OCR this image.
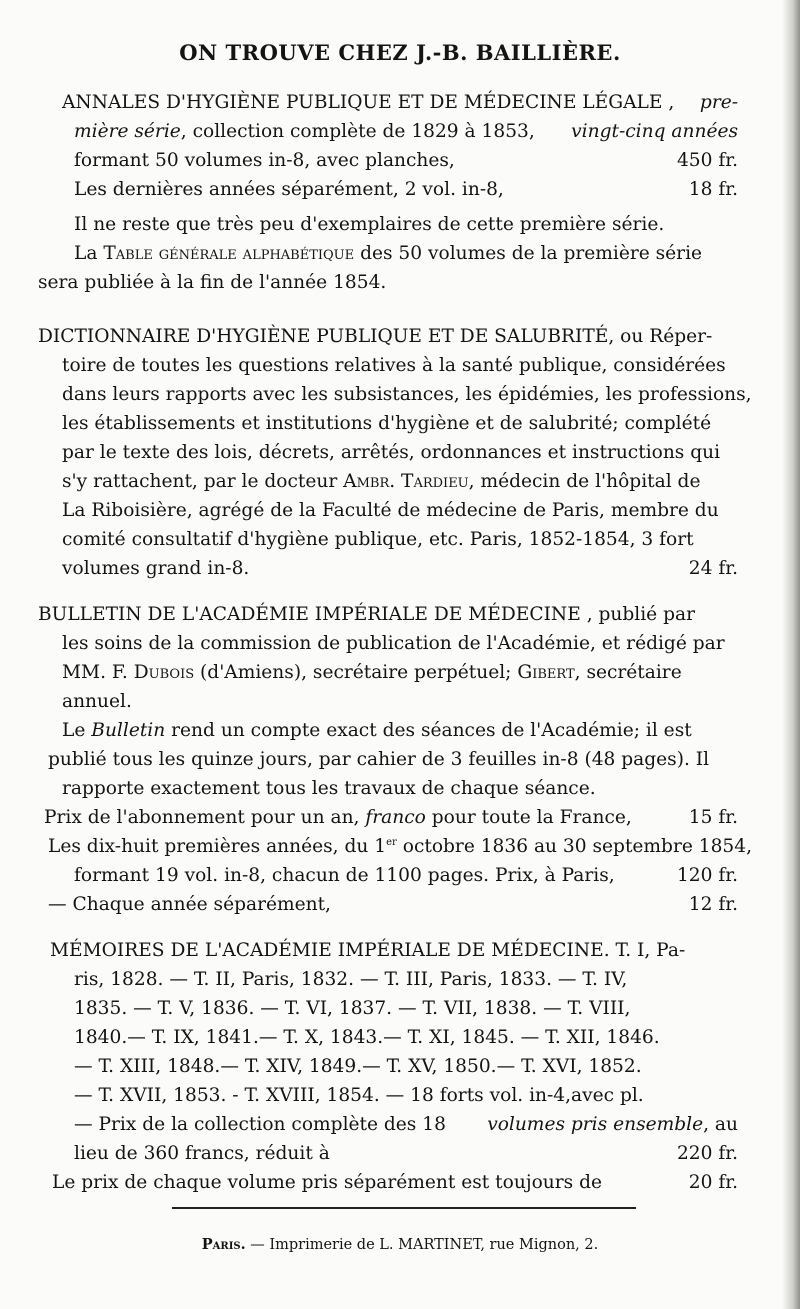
ON TROUVE CHEZ J.-B. BAILLIÈRE.
ANNALES D'HYGIÈNE PUBLIQUE ET DE MÉDECINE LÉGALE , pre-
mière série, collection complète de 1829 à 1853, vingt-cinq années
formant 50 volumes in-8, avec planches,	450 fr.
Les dernières années séparément, 2 vol. in-8,	18 fr.
Il ne reste que très peu d'exemplaires de cette première série.
La Table générale alphabétique des 50 volumes de la première série
sera publiée à la fin de l'année 1854.
DICTIONNAIRE D'HYGIÈNE PUBLIQUE ET DE SALUBRITÉ, ou Réper-
toire de toutes les questions relatives à la santé publique, considérées
dans leurs rapports avec les subsistances, les épidémies, les professions,
les établissements et institutions d'hygiène et de salubrité; complété
par le texte des lois, décrets, arrêtés, ordonnances et instructions qui
s'y rattachent, par le docteur Ambr. Tardieu, médecin de l'hôpital de
La Riboisière, agrégé de la Faculté de médecine de Paris, membre du
comité consultatif d'hygiène publique, etc. Paris, 1852-1854, 3 fort
volumes grand in-8.	24 fr.
BULLETIN DE L'ACADÉMIE IMPÉRIALE DE MÉDECINE , publié par
les soins de la commission de publication de l'Académie, et rédigé par
MM. F. Dubois (d'Amiens), secrétaire perpétuel; Gibert, secrétaire
annuel.
Le Bulletin rend un compte exact des séances de l'Académie; il est
publié tous les quinze jours, par cahier de 3 feuilles in-8 (48 pages). Il
rapporte exactement tous les travaux de chaque séance.
Prix de l'abonnement pour un an, franco pour toute la France,	15 fr.
Les dix-huit premières années, du 1er octobre 1836 au 30 septembre 1854,
formant 19 vol. in-8, chacun de 1100 pages. Prix, à Paris,	120 fr.
— Chaque année séparément,	12 fr.
MÉMOIRES DE L'ACADÉMIE IMPÉRIALE DE MÉDECINE. T. I, Pa-
ris, 1828. — T. II, Paris, 1832. — T. III, Paris, 1833. — T. IV,
1835. — T. V, 1836. — T. VI, 1837. — T. VII, 1838. — T. VIII,
1840.— T. IX, 1841.— T. X, 1843.— T. XI, 1845. — T. XII, 1846.
— T. XIII, 1848.— T. XIV, 1849.— T. XV, 1850.— T. XVI, 1852.
— T. XVII, 1853. - T. XVIII, 1854. — 18 forts vol. in-4,avec pl.
— Prix de la collection complète des 18 volumes pris ensemble, au
lieu de 360 francs, réduit à	220 fr.
Le prix de chaque volume pris séparément est toujours de	20 fr.
Paris. — Imprimerie de L. MARTINET, rue Mignon, 2.
